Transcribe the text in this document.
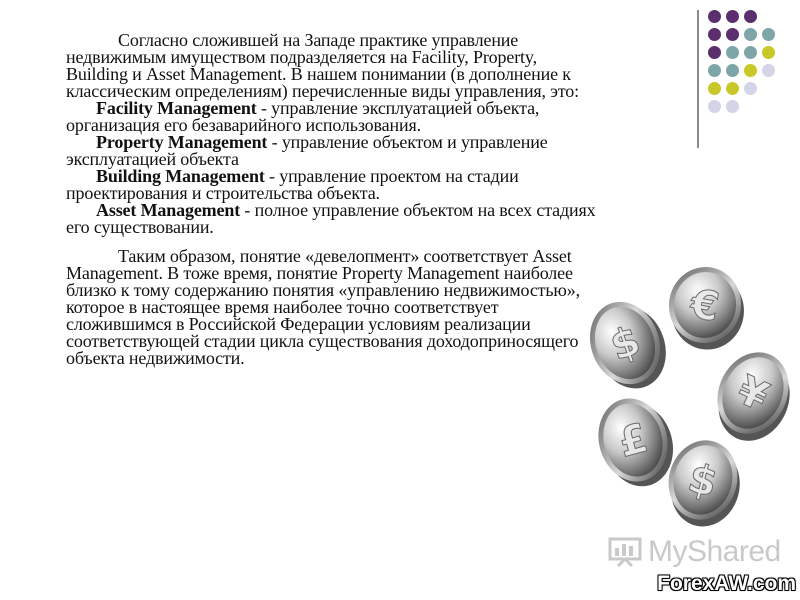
Согласно сложившей на Западе практике управление недвижимым имуществом подразделяется на Facility, Property, Building и Asset Management. В нашем понимании (в дополнение к классическим определениям) перечисленные виды управления, это:

Facility Management - управление эксплуатацией объекта, организация его безаварийного использования.

Property Management - управление объектом и управление эксплуатацией объекта

Building Management - управление проектом на стадии проектирования и строительства объекта.

Asset Management - полное управление объектом на всех стадиях его существовании.

Таким образом, понятие «девелопмент» соответствует Asset Management. В тоже время, понятие Property Management наиболее близко к тому содержанию понятия «управлению недвижимостью», которое в настоящее время наиболее точно соответствует сложившимся в Российской Федерации условиям реализации соответствующей стадии цикла существования доходоприносящего объекта недвижимости.	$
€
¥
$
£
MyShared
ForexAW.com
